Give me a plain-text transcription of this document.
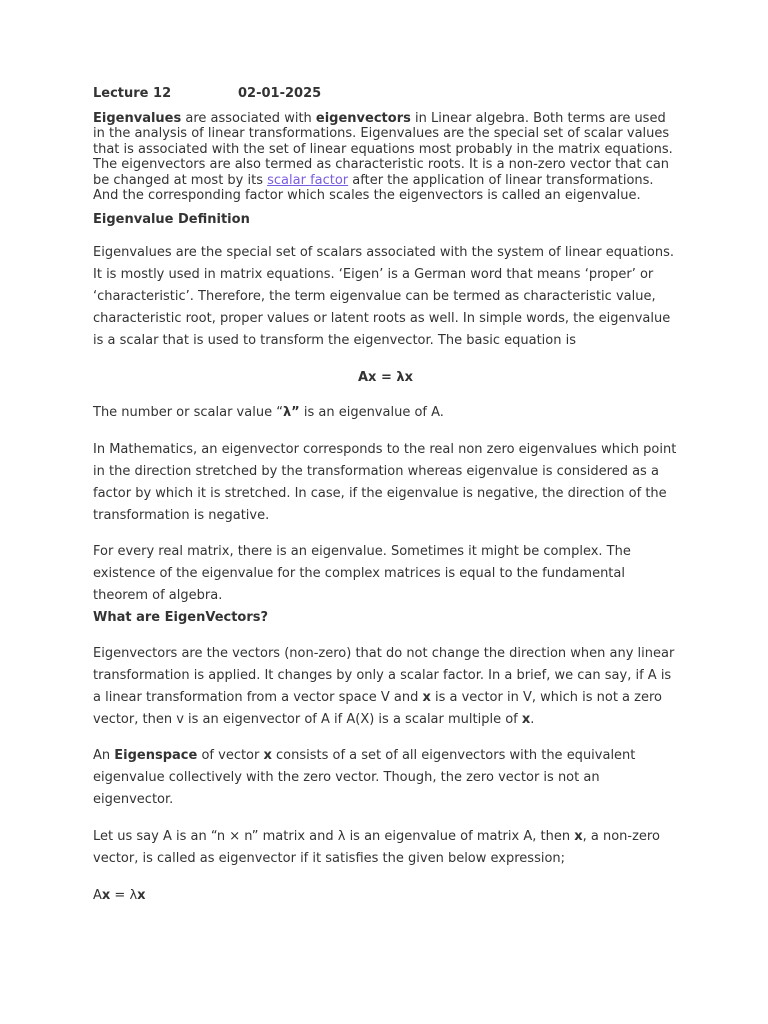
Lecture 12	02-01-2025

Eigenvalues are associated with eigenvectors in Linear algebra. Both terms are used in the analysis of linear transformations. Eigenvalues are the special set of scalar values that is associated with the set of linear equations most probably in the matrix equations. The eigenvectors are also termed as characteristic roots. It is a non-zero vector that can be changed at most by its scalar factor after the application of linear transformations. And the corresponding factor which scales the eigenvectors is called an eigenvalue.

Eigenvalue Definition

Eigenvalues are the special set of scalars associated with the system of linear equations. It is mostly used in matrix equations. ‘Eigen’ is a German word that means ‘proper’ or ‘characteristic’. Therefore, the term eigenvalue can be termed as characteristic value, characteristic root, proper values or latent roots as well. In simple words, the eigenvalue is a scalar that is used to transform the eigenvector. The basic equation is

Ax = λx

The number or scalar value “λ” is an eigenvalue of A.

In Mathematics, an eigenvector corresponds to the real non zero eigenvalues which point in the direction stretched by the transformation whereas eigenvalue is considered as a factor by which it is stretched. In case, if the eigenvalue is negative, the direction of the transformation is negative.

For every real matrix, there is an eigenvalue. Sometimes it might be complex. The existence of the eigenvalue for the complex matrices is equal to the fundamental theorem of algebra.

What are EigenVectors?

Eigenvectors are the vectors (non-zero) that do not change the direction when any linear transformation is applied. It changes by only a scalar factor. In a brief, we can say, if A is a linear transformation from a vector space V and x is a vector in V, which is not a zero vector, then v is an eigenvector of A if A(X) is a scalar multiple of x.

An Eigenspace of vector x consists of a set of all eigenvectors with the equivalent eigenvalue collectively with the zero vector. Though, the zero vector is not an eigenvector.

Let us say A is an “n × n” matrix and λ is an eigenvalue of matrix A, then x, a non-zero vector, is called as eigenvector if it satisfies the given below expression;

Ax = λx
